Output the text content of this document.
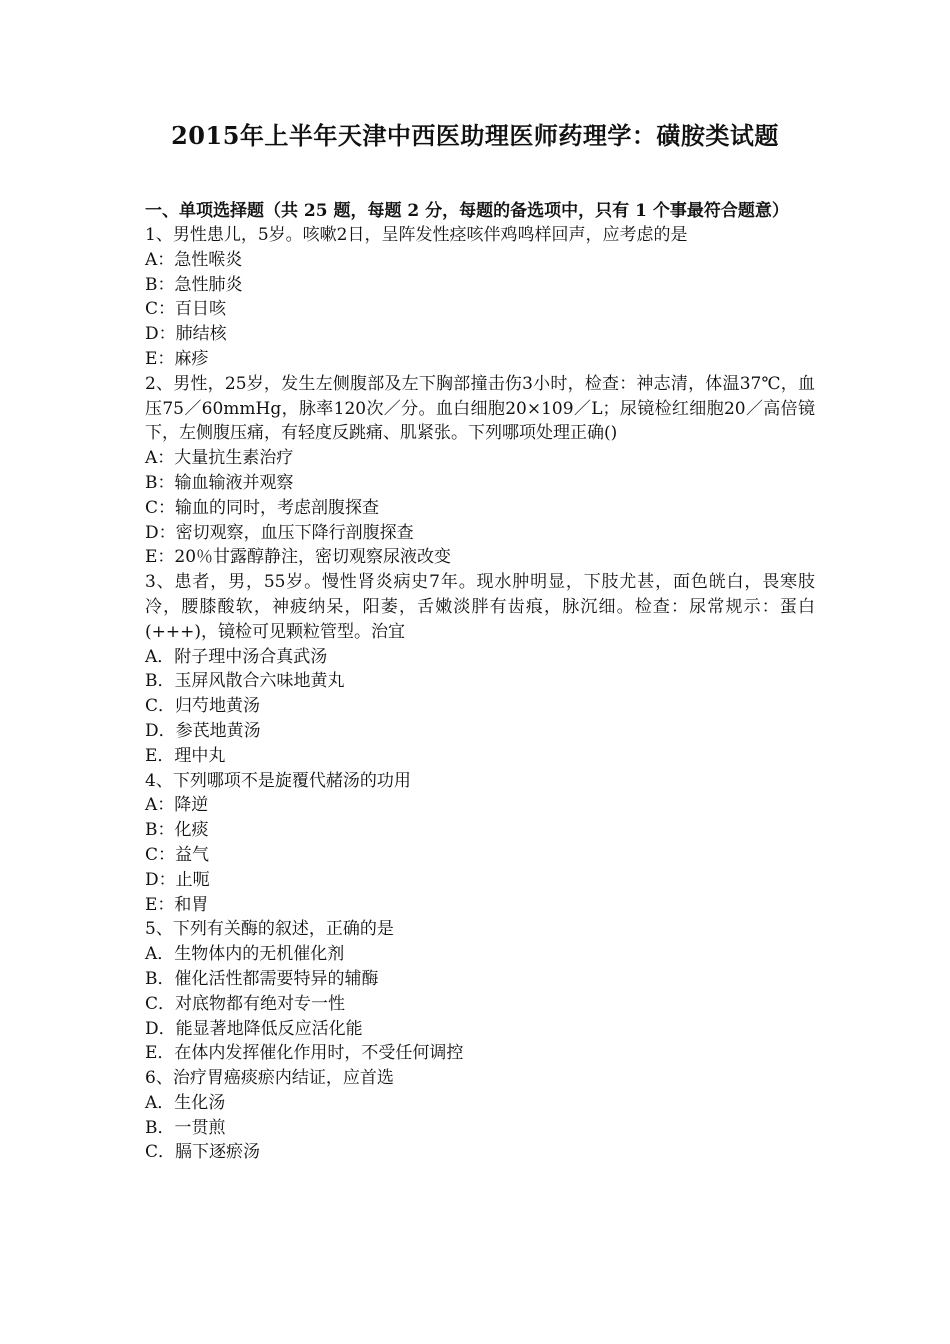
2015年上半年天津中西医助理医师药理学：磺胺类试题

一、单项选择题（共 25 题，每题 2 分，每题的备选项中，只有 1 个事最符合题意）

1、男性患儿，5岁。咳嗽2日，呈阵发性痉咳伴鸡鸣样回声，应考虑的是

A：急性喉炎

B：急性肺炎

C：百日咳

D：肺结核

E：麻疹

2、男性，25岁，发生左侧腹部及左下胸部撞击伤3小时，检查：神志清，体温37℃，血压75／60mmHg，脉率120次／分。血白细胞20×109／L；尿镜检红细胞20／高倍镜下，左侧腹压痛，有轻度反跳痛、肌紧张。下列哪项处理正确()

A：大量抗生素治疗

B：输血输液并观察

C：输血的同时，考虑剖腹探查

D：密切观察，血压下降行剖腹探查

E：20％甘露醇静注，密切观察尿液改变

3、患者，男，55岁。慢性肾炎病史7年。现水肿明显，下肢尤甚，面色㿠白，畏寒肢冷，腰膝酸软，神疲纳呆，阳萎，舌嫩淡胖有齿痕，脉沉细。检查：尿常规示：蛋白(+++)，镜检可见颗粒管型。治宜

A．附子理中汤合真武汤

B．玉屏风散合六味地黄丸

C．归芍地黄汤

D．参芪地黄汤

E．理中丸

4、下列哪项不是旋覆代赭汤的功用

A：降逆

B：化痰

C：益气

D：止呃

E：和胃

5、下列有关酶的叙述，正确的是

A．生物体内的无机催化剂

B．催化活性都需要特异的辅酶

C．对底物都有绝对专一性

D．能显著地降低反应活化能

E．在体内发挥催化作用时，不受任何调控

6、治疗胃癌痰瘀内结证，应首选

A．生化汤

B．一贯煎

C．膈下逐瘀汤
